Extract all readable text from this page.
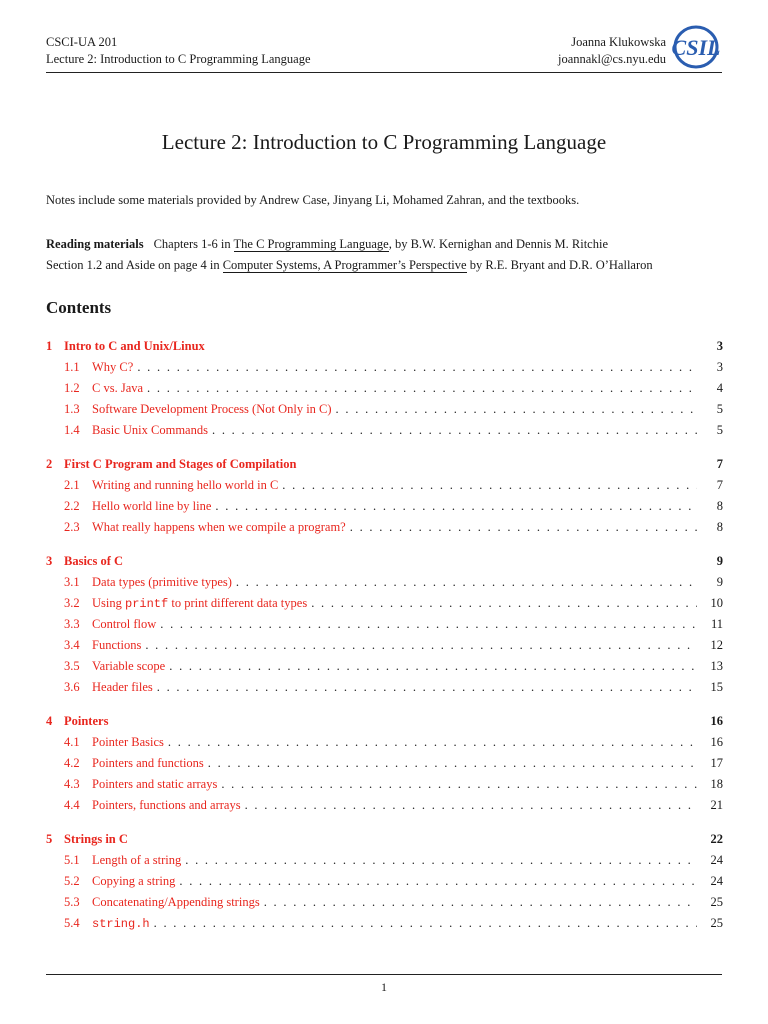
CSCI-UA 201
Lecture 2: Introduction to C Programming Language
Joanna Klukowska
joannakl@cs.nyu.edu CSIL
Lecture 2: Introduction to C Programming Language
Notes include some materials provided by Andrew Case, Jinyang Li, Mohamed Zahran, and the textbooks.
Reading materials Chapters 1-6 in The C Programming Language, by B.W. Kernighan and Dennis M. Ritchie
Section 1.2 and Aside on page 4 in Computer Systems, A Programmer’s Perspective by R.E. Bryant and D.R. O’Hallaron
Contents
1 Intro to C and Unix/Linux	3
1.1 Why C? . . .	3
1.2 C vs. Java . . .	4
1.3 Software Development Process (Not Only in C) . . .	5
1.4 Basic Unix Commands . . .	5
2 First C Program and Stages of Compilation	7
2.1 Writing and running hello world in C . . .	7
2.2 Hello world line by line . . .	8
2.3 What really happens when we compile a program? . . .	8
3 Basics of C	9
3.1 Data types (primitive types) . . .	9
3.2 Using printf to print different data types . . .	10
3.3 Control flow . . .	11
3.4 Functions . . .	12
3.5 Variable scope . . .	13
3.6 Header files . . .	15
4 Pointers	16
4.1 Pointer Basics . . .	16
4.2 Pointers and functions . . .	17
4.3 Pointers and static arrays . . .	18
4.4 Pointers, functions and arrays . . .	21
5 Strings in C	22
5.1 Length of a string . . .	24
5.2 Copying a string . . .	24
5.3 Concatenating/Appending strings . . .	25
5.4	string.h . . .	25
1
